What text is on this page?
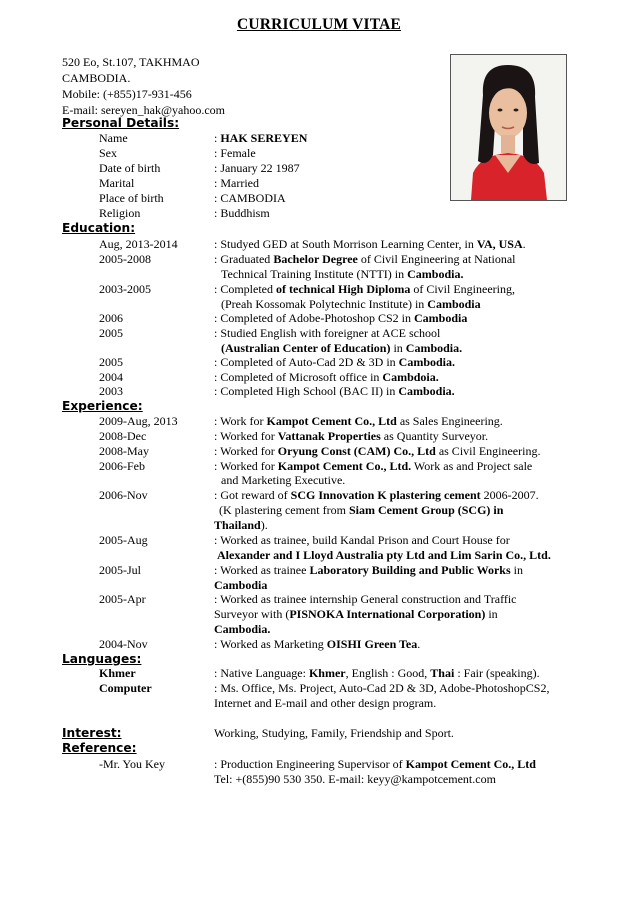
CURRICULUM VITAE
520 Eo, St.107, TAKHMAO
CAMBODIA.
Mobile: (+855)17-931-456
E-mail: sereyen_hak@yahoo.com
Personal Details:
Name	: HAK SEREYEN
Sex	: Female
Date of birth	: January 22 1987
Marital	: Married
Place of birth	: CAMBODIA
Religion	: Buddhism
Education:
Aug, 2013-2014	: Studyed GED at South Morrison Learning Center, in VA, USA.
2005-2008	: Graduated Bachelor Degree of Civil Engineering at National
Technical Training Institute (NTTI) in Cambodia.
2003-2005	: Completed of technical High Diploma of Civil Engineering,
(Preah Kossomak Polytechnic Institute) in Cambodia
2006	: Completed of Adobe-Photoshop CS2 in Cambodia
2005	: Studied English with foreigner at ACE school
(Australian Center of Education) in Cambodia.
2005	: Completed of Auto-Cad 2D & 3D in Cambodia.
2004	: Completed of Microsoft office in Cambdoia.
2003	: Completed High School (BAC II) in Cambodia.
Experience:
2009-Aug, 2013	: Work for Kampot Cement Co., Ltd as Sales Engineering.
2008-Dec	: Worked for Vattanak Properties as Quantity Surveyor.
2008-May	: Worked for Oryung Const (CAM) Co., Ltd as Civil Engineering.
2006-Feb	: Worked for Kampot Cement Co., Ltd. Work as and Project sale
and Marketing Executive.
2006-Nov	: Got reward of SCG Innovation K plastering cement 2006-2007.
(K plastering cement from Siam Cement Group (SCG) in
Thailand).
2005-Aug	: Worked as trainee, build Kandal Prison and Court House for
Alexander and I Lloyd Australia pty Ltd and Lim Sarin Co., Ltd.
2005-Jul	: Worked as trainee Laboratory Building and Public Works in
Cambodia
2005-Apr	: Worked as trainee internship General construction and Traffic
Surveyor with (PISNOKA International Corporation) in
Cambodia.
2004-Nov	: Worked as Marketing OISHI Green Tea.
Languages:
Khmer	: Native Language: Khmer, English : Good, Thai : Fair (speaking).
Computer	: Ms. Office, Ms. Project, Auto-Cad 2D & 3D, Adobe-PhotoshopCS2,
Internet and E-mail and other design program.
Interest:	Working, Studying, Family, Friendship and Sport.
Reference:
-Mr. You Key	: Production Engineering Supervisor of Kampot Cement Co., Ltd
Tel: +(855)90 530 350. E-mail: keyy@kampotcement.com
